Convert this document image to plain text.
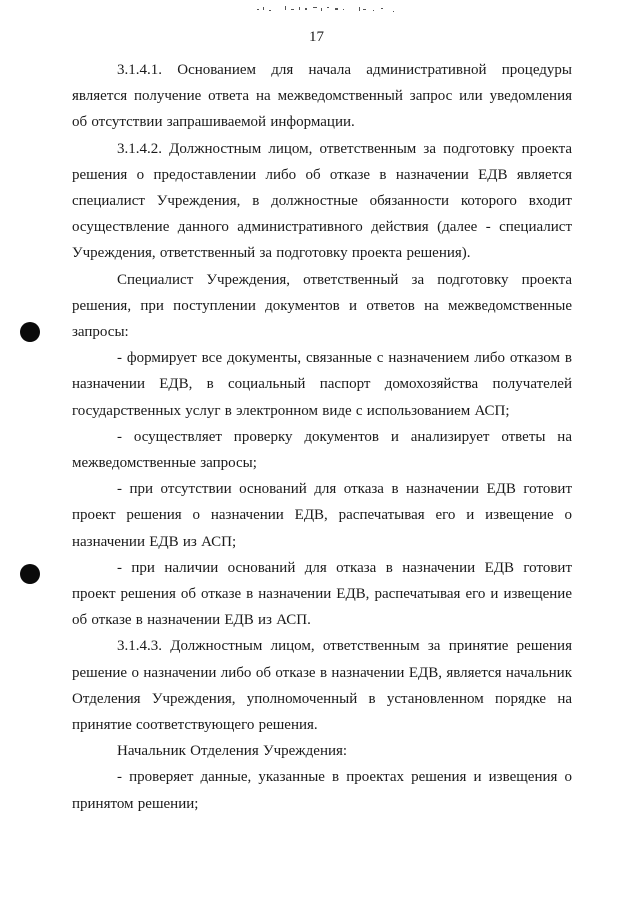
17

3.1.4.1. Основанием для начала административной процедуры является получение ответа на межведомственный запрос или уведомления об отсутствии запрашиваемой информации.

3.1.4.2. Должностным лицом, ответственным за подготовку проекта решения о предоставлении либо об отказе в назначении ЕДВ является специалист Учреждения, в должностные обязанности которого входит осуществление данного административного действия (далее - специалист Учреждения, ответственный за подготовку проекта решения).

Специалист Учреждения, ответственный за подготовку проекта решения, при поступлении документов и ответов на межведомственные запросы:

- формирует все документы, связанные с назначением либо отказом в назначении ЕДВ, в социальный паспорт домохозяйства получателей государственных услуг в электронном виде с использованием АСП;

- осуществляет проверку документов и анализирует ответы на межведомственные запросы;

- при отсутствии оснований для отказа в назначении ЕДВ готовит проект решения о назначении ЕДВ, распечатывая его и извещение о назначении ЕДВ из АСП;

- при наличии оснований для отказа в назначении ЕДВ готовит проект решения об отказе в назначении ЕДВ, распечатывая его и извещение об отказе в назначении ЕДВ из АСП.

3.1.4.3. Должностным лицом, ответственным за принятие решения решение о назначении либо об отказе в назначении ЕДВ, является начальник Отделения Учреждения, уполномоченный в установленном порядке на принятие соответствующего решения.

Начальник Отделения Учреждения:

- проверяет данные, указанные в проектах решения и извещения о принятом решении;
